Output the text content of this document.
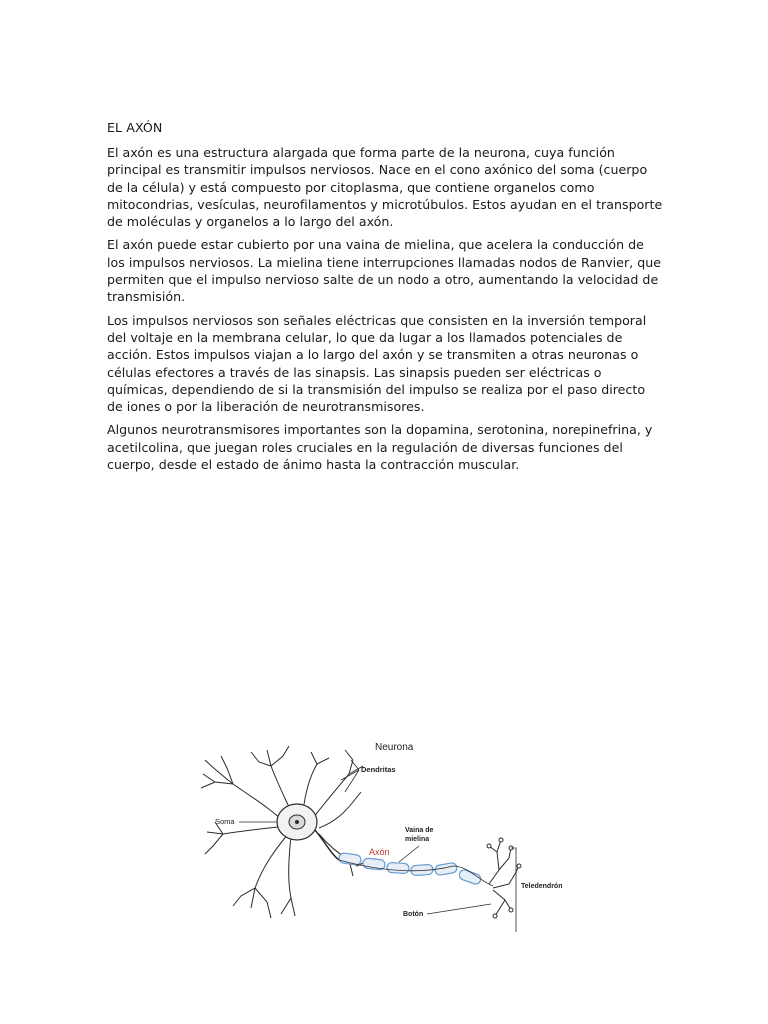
EL AXÓN

El axón es una estructura alargada que forma parte de la neurona, cuya función principal es transmitir impulsos nerviosos. Nace en el cono axónico del soma (cuerpo de la célula) y está compuesto por citoplasma, que contiene organelos como mitocondrias, vesículas, neurofilamentos y microtúbulos. Estos ayudan en el transporte de moléculas y organelos a lo largo del axón.

El axón puede estar cubierto por una vaina de mielina, que acelera la conducción de los impulsos nerviosos. La mielina tiene interrupciones llamadas nodos de Ranvier, que permiten que el impulso nervioso salte de un nodo a otro, aumentando la velocidad de transmisión.

Los impulsos nerviosos son señales eléctricas que consisten en la inversión temporal del voltaje en la membrana celular, lo que da lugar a los llamados potenciales de acción. Estos impulsos viajan a lo largo del axón y se transmiten a otras neuronas o células efectores a través de las sinapsis. Las sinapsis pueden ser eléctricas o químicas, dependiendo de si la transmisión del impulso se realiza por el paso directo de iones o por la liberación de neurotransmisores.

Algunos neurotransmisores importantes son la dopamina, serotonina, norepinefrina, y acetilcolina, que juegan roles cruciales en la regulación de diversas funciones del cuerpo, desde el estado de ánimo hasta la contracción muscular.

Neurona
Dendritas
Soma
Vaina de
mielina
Axón
Teledendrón
Botón
